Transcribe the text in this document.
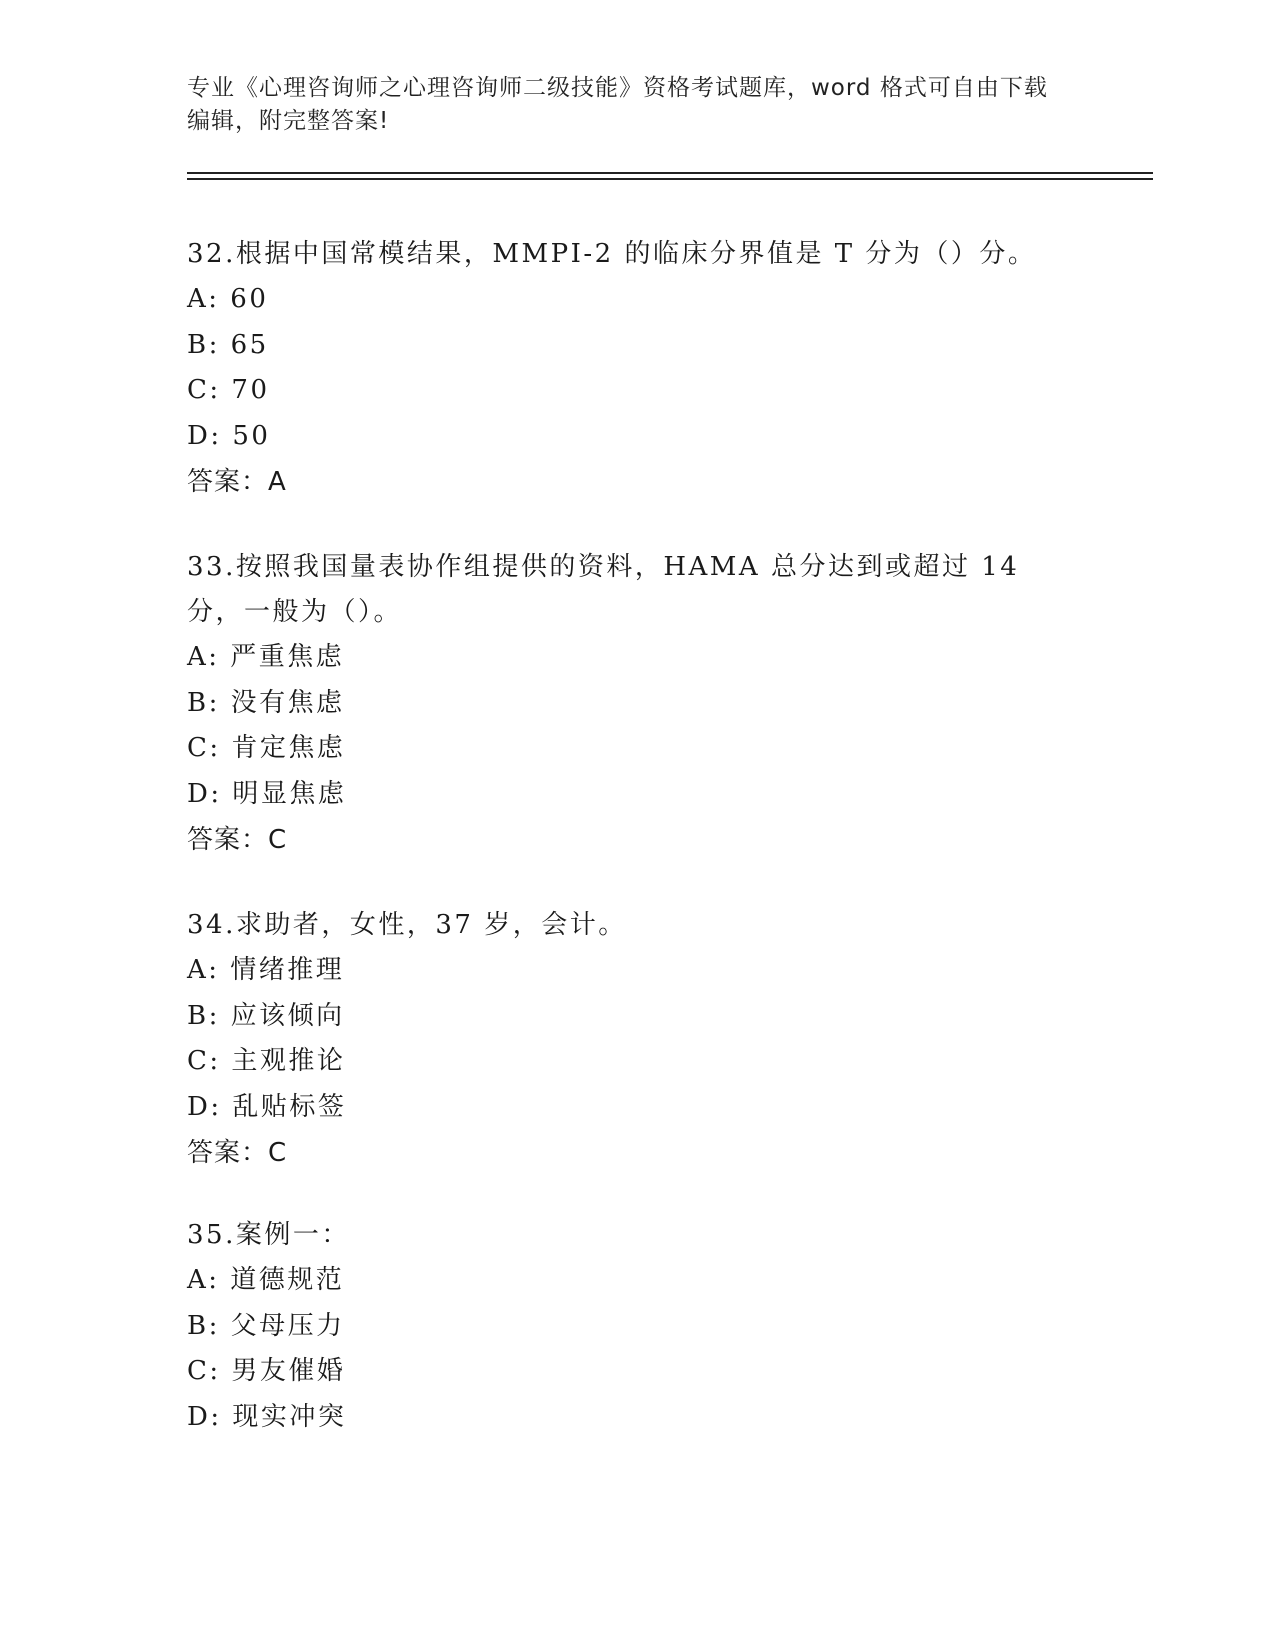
专业《心理咨询师之心理咨询师二级技能》资格考试题库，word 格式可自由下载
编辑，附完整答案!
32.根据中国常模结果，MMPI-2 的临床分界值是 T 分为（）分。
A: 60
B: 65
C: 70
D: 50
答案：A
33.按照我国量表协作组提供的资料，HAMA 总分达到或超过 14 分，一般为（）。
A: 严重焦虑
B: 没有焦虑
C: 肯定焦虑
D: 明显焦虑
答案：C
34.求助者，女性，37 岁，会计。
A: 情绪推理
B: 应该倾向
C: 主观推论
D: 乱贴标签
答案：C
35.案例一：
A: 道德规范
B: 父母压力
C: 男友催婚
D: 现实冲突
